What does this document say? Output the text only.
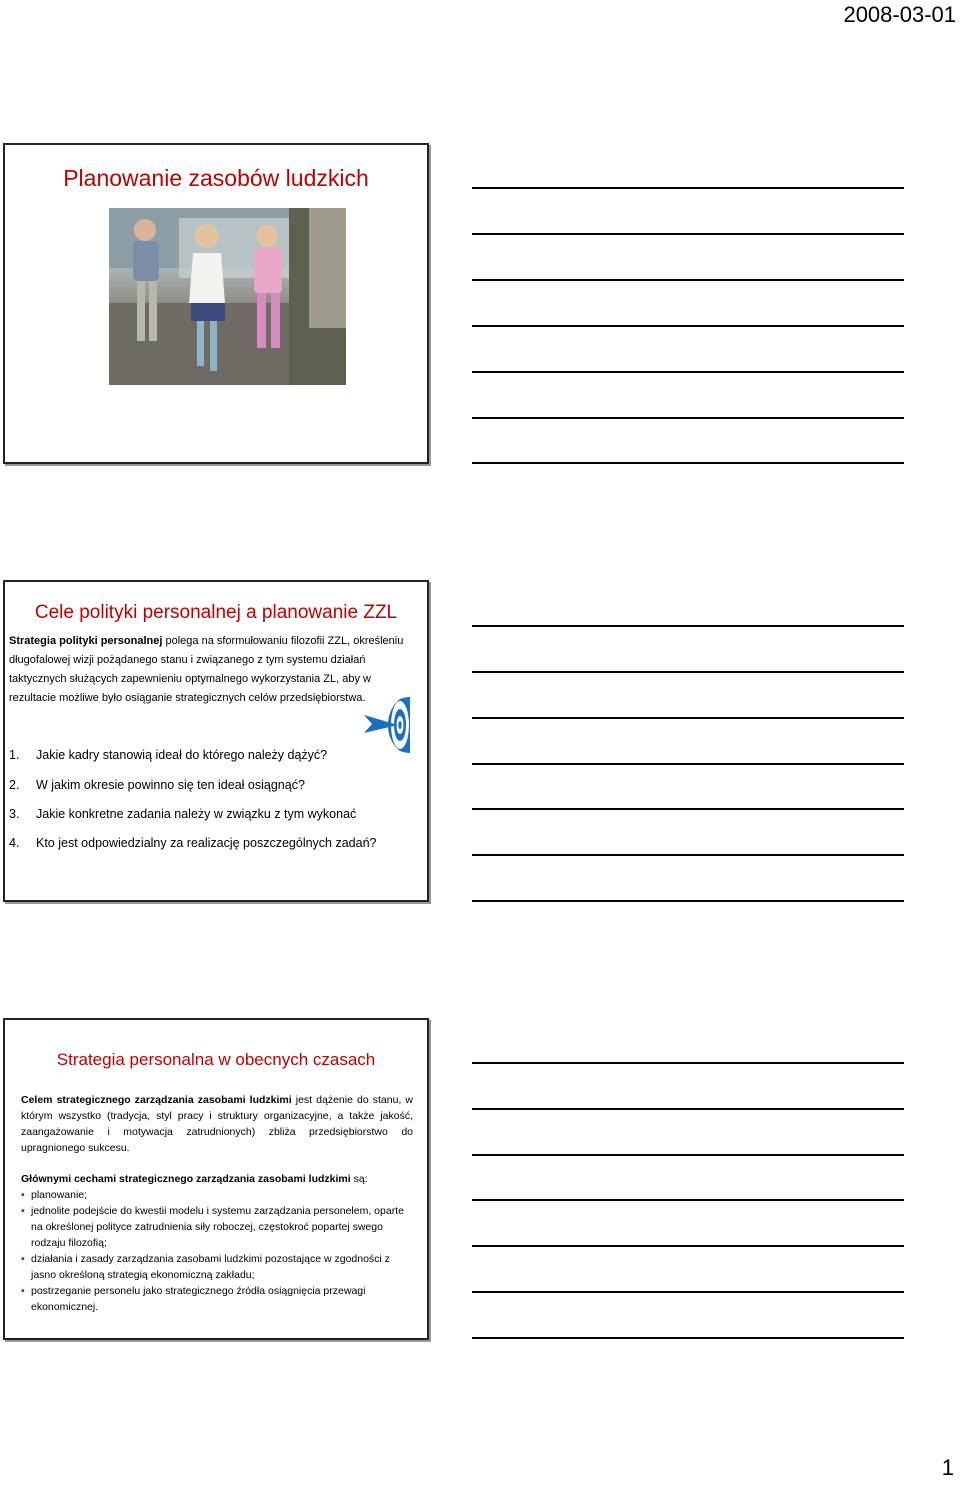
2008-03-01
Planowanie zasobów ludzkich
Cele polityki personalnej a planowanie ZZL
Strategia polityki personalnej polega na sformułowaniu filozofii ZZL, określeniu długofalowej wizji pożądanego stanu i związanego z tym systemu działań taktycznych służących zapewnieniu optymalnego wykorzystania ZL, aby w rezultacie możliwe było osiąganie strategicznych celów przedsiębiorstwa.
1. Jakie kadry stanowią ideał do którego należy dążyć?
2. W jakim okresie powinno się ten ideał osiągnąć?
3. Jakie konkretne zadania należy w związku z tym wykonać
4. Kto jest odpowiedzialny za realizację poszczególnych zadań?
Strategia personalna w obecnych czasach
Celem strategicznego zarządzania zasobami ludzkimi jest dążenie do stanu, w którym wszystko (tradycja, styl pracy i struktury organizacyjne, a także jakość, zaangażowanie i motywacja zatrudnionych) zbliża przedsiębiorstwo do upragnionego sukcesu.
Głównymi cechami strategicznego zarządzania zasobami ludzkimi są:
• planowanie;
• jednolite podejście do kwestii modelu i systemu zarządzania personelem, oparte na określonej polityce zatrudnienia siły roboczej, częstokroć popartej swego rodzaju filozofią;
• działania i zasady zarządzania zasobami ludzkimi pozostające w zgodności z jasno określoną strategią ekonomiczną zakładu;
• postrzeganie personelu jako strategicznego źródła osiągnięcia przewagi ekonomicznej.
1
